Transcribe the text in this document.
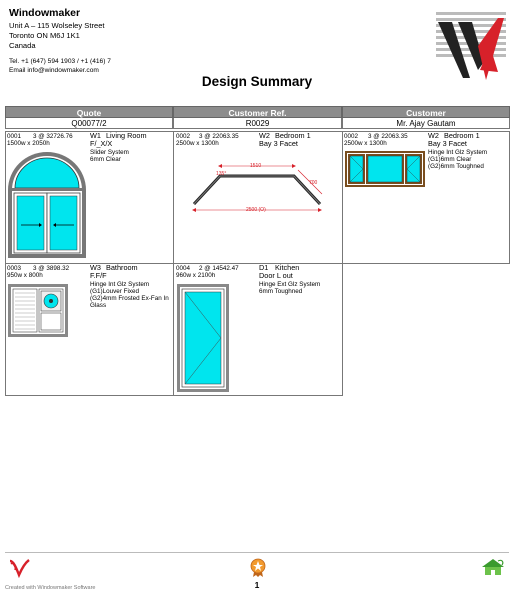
Windowmaker
Unit A – 115 Wolseley Street
Toronto ON M6J 1K1
Canada
Tel. +1 (647) 594 1903 / +1 (416) 7
Email info@windowmaker.com
Design Summary
Quote	Customer Ref.	Customer
Q00077/2	R0029	Mr. Ajay Gautam
0001 3 @ 32726.76
1500w x 2050h
W1 Living Room
F/_X/X
Slider System
6mm Clear
0002 3 @ 22063.35
2500w x 1300h
W2 Bedroom 1
Bay 3 Facet
0002 3 @ 22063.35
2500w x 1300h
W2 Bedroom 1
Bay 3 Facet
Hinge Int Glz System
(G1)6mm Clear
(G2)6mm Toughned
0003 3 @ 3898.32
950w x 800h
W3 Bathroom
F.F/F
Hinge Int Glz System
(G1)Louver Fixed
(G2)4mm Frosted Ex-Fan In
Glass
0004 2 @ 14542.47
960w x 2100h
D1 Kitchen
Door L out
Hinge Ext Glz System
6mm Toughned
1510
700
135°
2500 (O)
1
Created with Windowmaker Software
